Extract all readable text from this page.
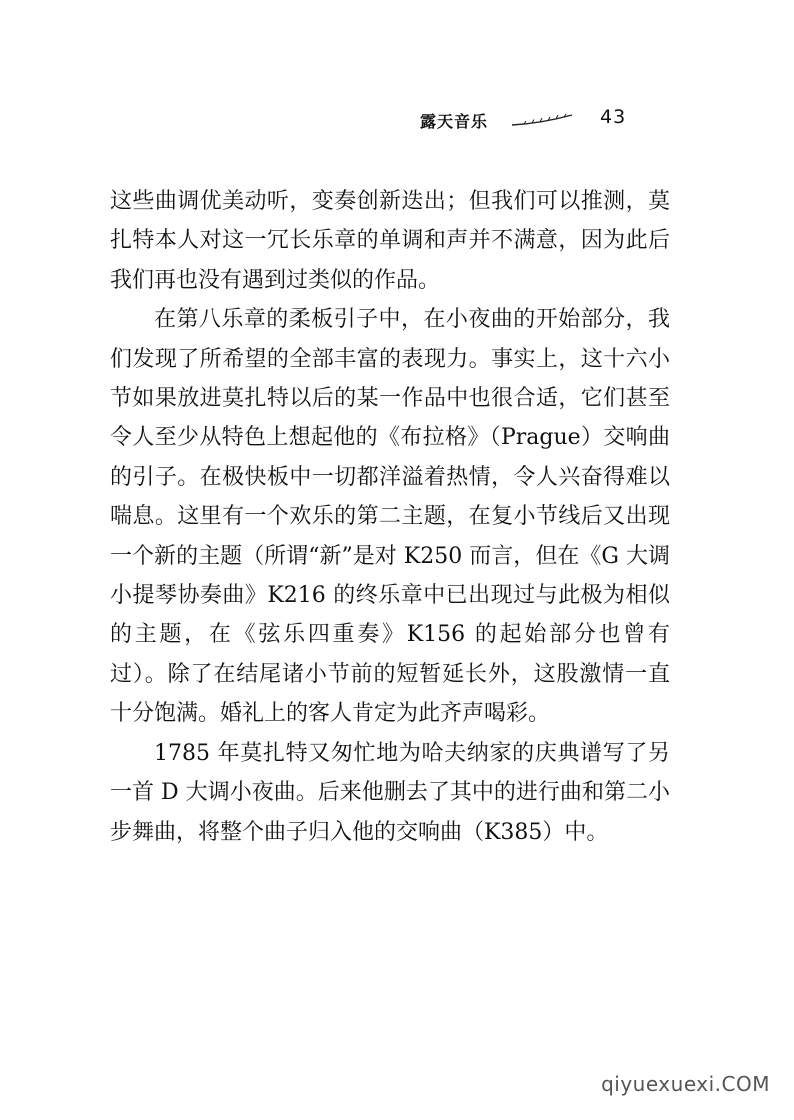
露天音乐	43

这些曲调优美动听，变奏创新迭出；但我们可以推测，莫扎特本人对这一冗长乐章的单调和声并不满意，因为此后我们再也没有遇到过类似的作品。

在第八乐章的柔板引子中，在小夜曲的开始部分，我们发现了所希望的全部丰富的表现力。事实上，这十六小节如果放进莫扎特以后的某一作品中也很合适，它们甚至令人至少从特色上想起他的《布拉格》（Prague）交响曲的引子。在极快板中一切都洋溢着热情，令人兴奋得难以喘息。这里有一个欢乐的第二主题，在复小节线后又出现一个新的主题（所谓“新”是对 K250 而言，但在《G 大调小提琴协奏曲》K216 的终乐章中已出现过与此极为相似的主题，在《弦乐四重奏》K156 的起始部分也曾有过）。除了在结尾诸小节前的短暂延长外，这股激情一直十分饱满。婚礼上的客人肯定为此齐声喝彩。

1785 年莫扎特又匆忙地为哈夫纳家的庆典谱写了另一首 D 大调小夜曲。后来他删去了其中的进行曲和第二小步舞曲，将整个曲子归入他的交响曲（K385）中。

qiyuexuexi.COM
